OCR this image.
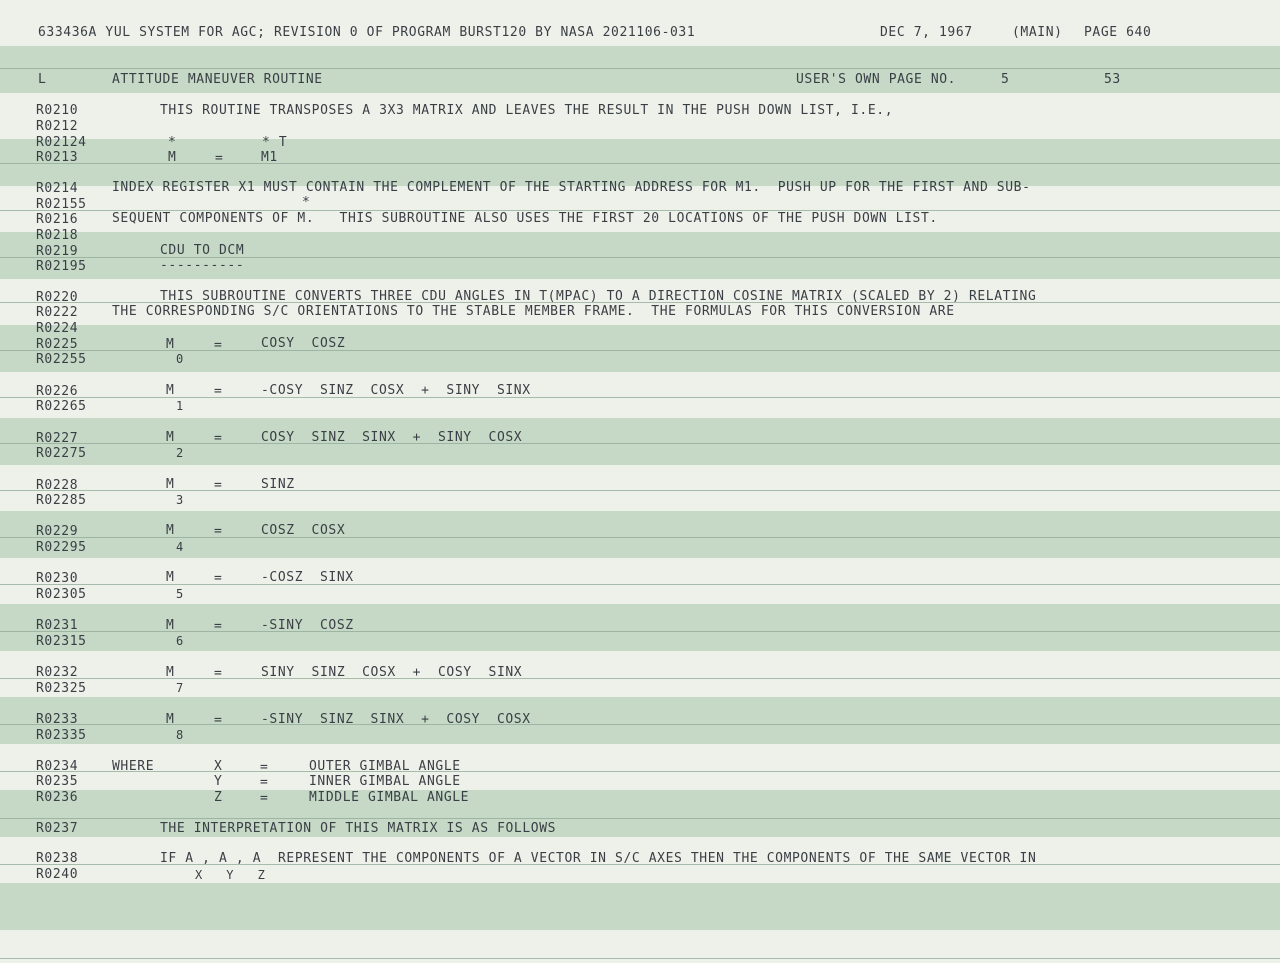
633436A YUL SYSTEM FOR AGC; REVISION 0 OF PROGRAM BURST120 BY NASA 2021106-031	DEC 7, 1967	(MAIN) PAGE 640
L	ATTITUDE MANEUVER ROUTINE	USER'S OWN PAGE NO.	5	53
R0210	THIS ROUTINE TRANSPOSES A 3X3 MATRIX AND LEAVES THE RESULT IN THE PUSH DOWN LIST, I.E.,
R0212
R02124	*	* T
R0213	M	=	M1
R0214	INDEX REGISTER X1 MUST CONTAIN THE COMPLEMENT OF THE STARTING ADDRESS FOR M1.  PUSH UP FOR THE FIRST AND SUB-
R02155	*
R0216	SEQUENT COMPONENTS OF M.   THIS SUBROUTINE ALSO USES THE FIRST 20 LOCATIONS OF THE PUSH DOWN LIST.
R0218
R0219	CDU TO DCM
R02195	----------
R0220	THIS SUBROUTINE CONVERTS THREE CDU ANGLES IN T(MPAC) TO A DIRECTION COSINE MATRIX (SCALED BY 2) RELATING
R0222	THE CORRESPONDING S/C ORIENTATIONS TO THE STABLE MEMBER FRAME.  THE FORMULAS FOR THIS CONVERSION ARE
R0224
R0225	M	=	COSY  COSZ
R02255	0
R0226	M	=	-COSY  SINZ  COSX  +  SINY  SINX
R02265	1
R0227	M	=	COSY  SINZ  SINX  +  SINY  COSX
R02275	2
R0228	M	=	SINZ
R02285	3
R0229	M	=	COSZ  COSX
R02295	4
R0230	M	=	-COSZ  SINX
R02305	5
R0231	M	=	-SINY  COSZ
R02315	6
R0232	M	=	SINY  SINZ  COSX  +  COSY  SINX
R02325	7
R0233	M	=	-SINY  SINZ  SINX  +  COSY  COSX
R02335	8
R0234	WHERE	X	=	OUTER GIMBAL ANGLE
R0235	Y	=	INNER GIMBAL ANGLE
R0236	Z	=	MIDDLE GIMBAL ANGLE
R0237	THE INTERPRETATION OF THIS MATRIX IS AS FOLLOWS
R0238	IF A , A , A  REPRESENT THE COMPONENTS OF A VECTOR IN S/C AXES THEN THE COMPONENTS OF THE SAME VECTOR IN
R0240	X   Y   Z
